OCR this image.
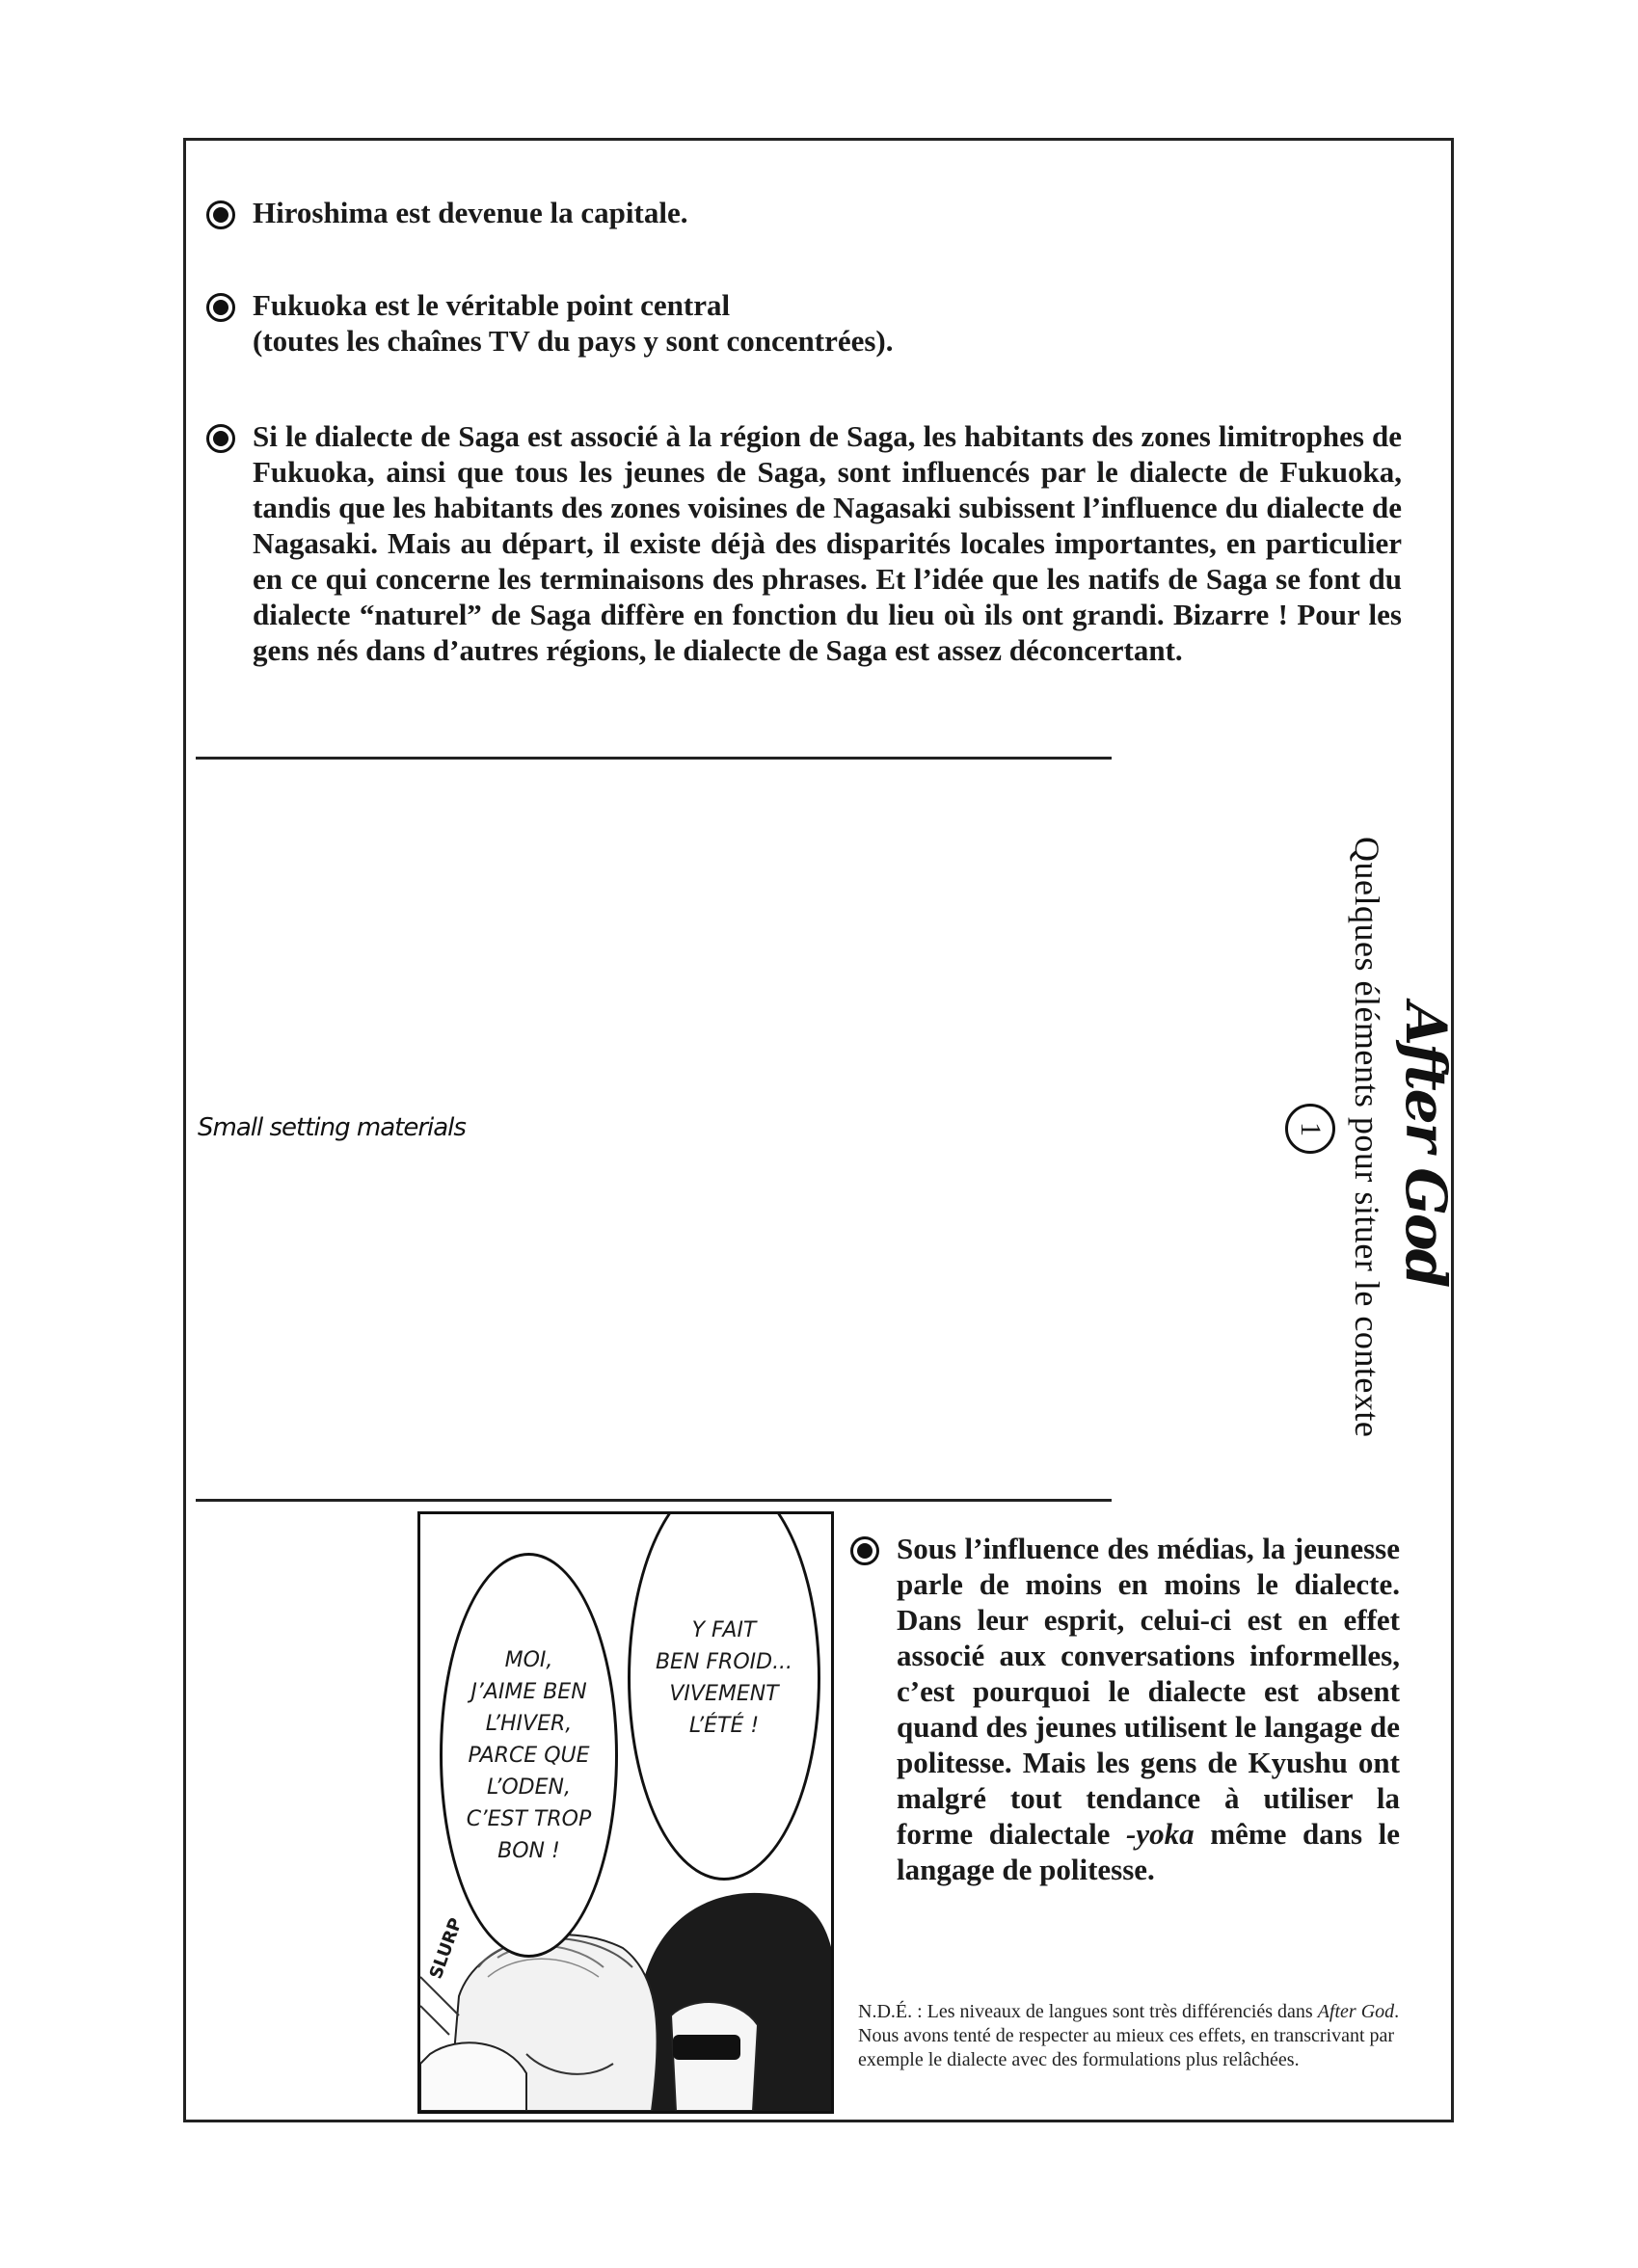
Hiroshima est devenue la capitale.

Fukuoka est le véritable point central

(toutes les chaînes TV du pays y sont concentrées).

Si le dialecte de Saga est associé à la région de Saga, les habitants des zones limitrophes de Fukuoka, ainsi que tous les jeunes de Saga, sont influencés par le dialecte de Fukuoka, tandis que les habitants des zones voisines de Nagasaki subissent l’influence du dialecte de Nagasaki. Mais au départ, il existe déjà des disparités locales importantes, en particulier en ce qui concerne les terminaisons des phrases. Et l’idée que les natifs de Saga se font du dialecte “naturel” de Saga diffère en fonction du lieu où ils ont grandi. Bizarre ! Pour les gens nés dans d’autres régions, le dialecte de Saga est assez déconcertant.

Small setting materials	Quelques éléments pour situer le contexte After God
1
MOI,
J’AIME BEN
L’HIVER,
PARCE QUE
L’ODEN,
C’EST TROP
BON !
Y FAIT
BEN FROID...
VIVEMENT
L’ÉTÉ !
SLURP

Sous l’influence des médias, la jeunesse parle de moins en moins le dialecte. Dans leur esprit, celui-ci est en effet associé aux conversations informelles, c’est pourquoi le dialecte est absent quand des jeunes utilisent le langage de politesse. Mais les gens de Kyushu ont malgré tout tendance à utiliser la forme dialectale -yoka même dans le langage de politesse.

N.D.É. : Les niveaux de langues sont très différenciés dans After God. Nous avons tenté de respecter au mieux ces effets, en transcrivant par exemple le dialecte avec des formulations plus relâchées.
